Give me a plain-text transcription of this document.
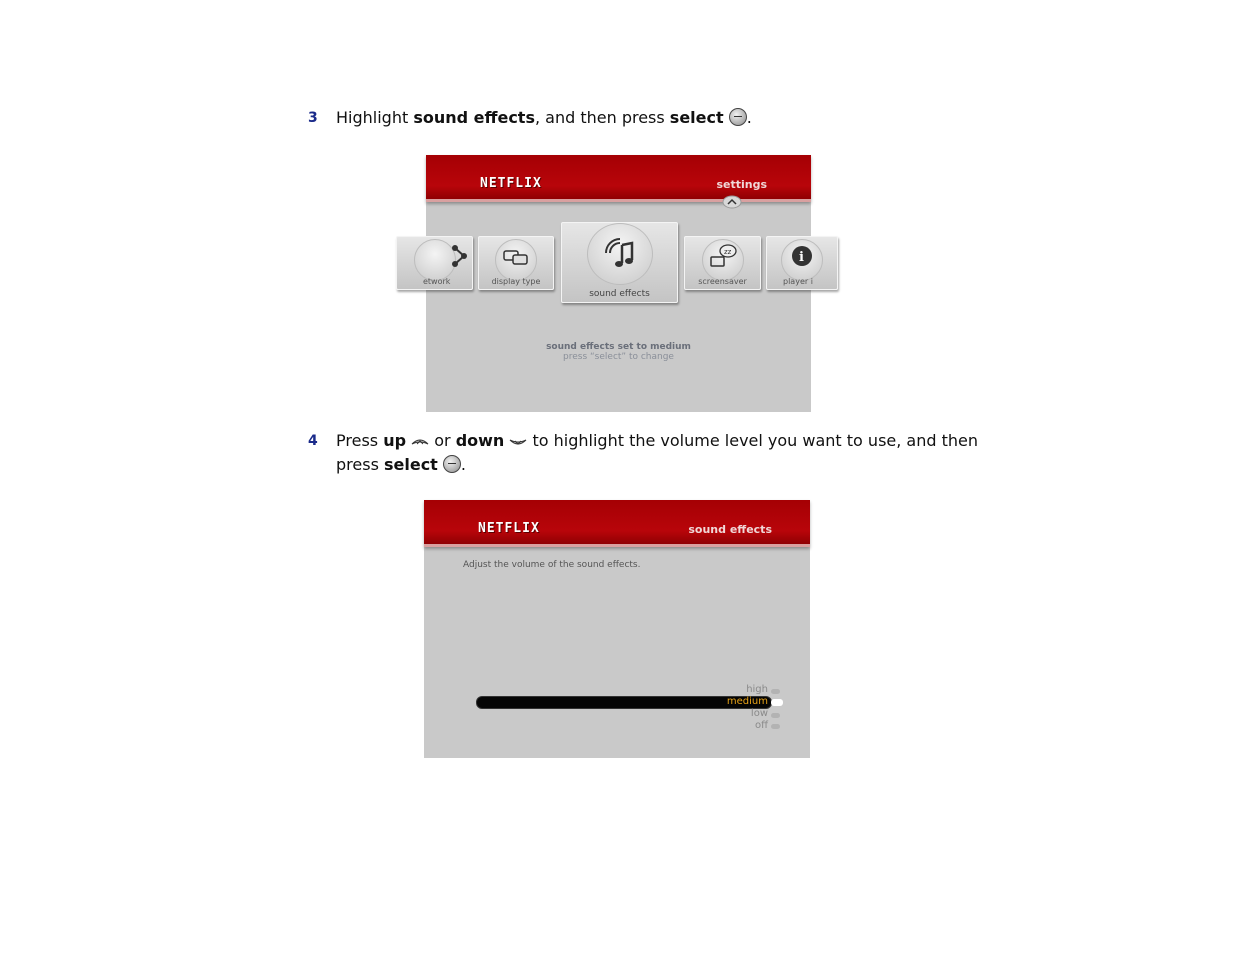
3 Highlight sound effects, and then press select .
NETFLIX	settings
etwork	display type
sound effects
zz
screensaver
i
player i
sound effects set to medium
press “select” to change
4 Press up  or down  to highlight the volume level you want to use, and then press select .
NETFLIX	sound effects
Adjust the volume of the sound effects.
high
medium
low
off
